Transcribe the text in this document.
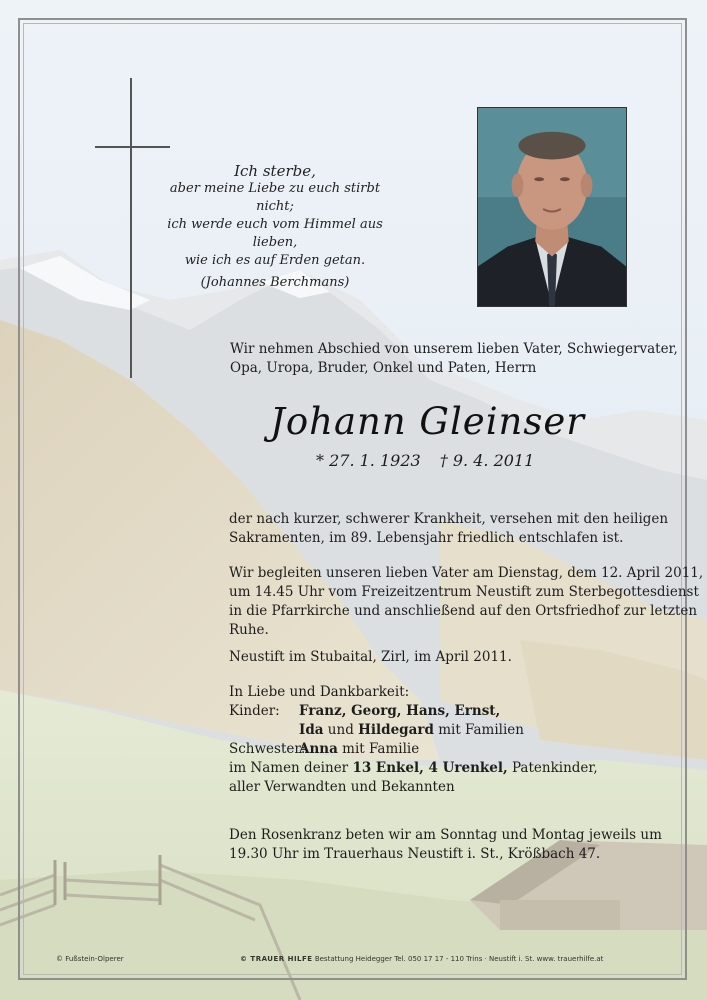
Ich sterbe,
aber meine Liebe zu euch stirbt nicht;
ich werde euch vom Himmel aus lieben,
wie ich es auf Erden getan.
(Johannes Berchmans)
Wir nehmen Abschied von unserem lieben Vater, Schwiegervater,
Opa, Uropa, Bruder, Onkel und Paten, Herrn
Johann Gleinser
* 27. 1. 1923 † 9. 4. 2011
der nach kurzer, schwerer Krankheit, versehen mit den heiligen
Sakramenten, im 89. Lebensjahr friedlich entschlafen ist.
Wir begleiten unseren lieben Vater am Dienstag, dem 12. April 2011,
um 14.45 Uhr vom Freizeitzentrum Neustift zum Sterbegottesdienst
in die Pfarrkirche und anschließend auf den Ortsfriedhof zur letzten
Ruhe.
Neustift im Stubaital, Zirl, im April 2011.
In Liebe und Dankbarkeit:
Kinder:	Franz, Georg, Hans, Ernst,
Ida und Hildegard mit Familien
Schwester:
Anna mit Familie
im Namen deiner 13 Enkel, 4 Urenkel, Patenkinder,
aller Verwandten und Bekannten
Den Rosenkranz beten wir am Sonntag und Montag jeweils um
19.30 Uhr im Trauerhaus Neustift i. St., Krößbach 47.
© Fußstein-Olperer	© TRAUER HILFE Bestattung Heidegger Tel. 050 17 17 - 110 Trins · Neustift i. St. www. trauerhilfe.at
